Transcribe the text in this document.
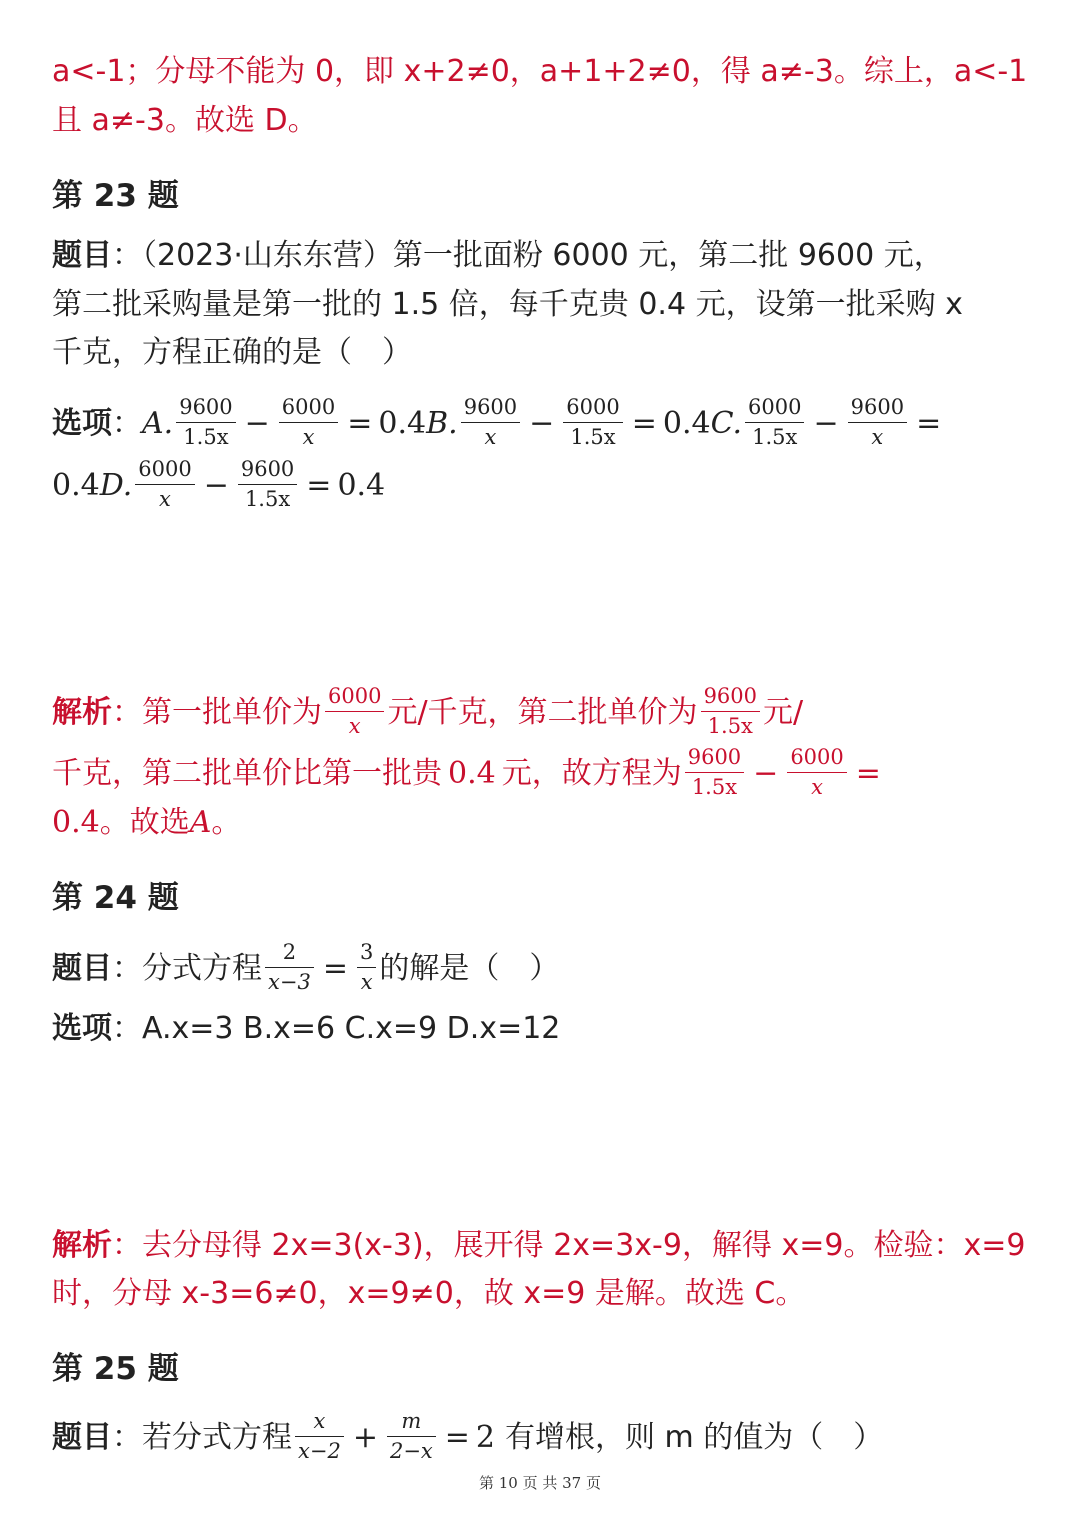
a<-1；分母不能为 0，即 x+2≠0，a+1+2≠0，得 a≠-3。综上，a<-1
且 a≠-3。故选 D。
第 23 题
题目：（2023·山东东营）第一批面粉 6000 元，第二批 9600 元，
第二批采购量是第一批的 1.5 倍，每千克贵 0.4 元，设第一批采购 x
千克，方程正确的是（　）
选项：A. $\frac{9600}{1.5x} - \frac{6000}{x} = 0.4B$. $\frac{9600}{x} - \frac{6000}{1.5x} = 0.4C$. $\frac{6000}{1.5x} - \frac{9600}{x}$ =
0.4D. $\frac{6000}{x} - \frac{9600}{1.5x} = 0.4$
解析：第一批单价为 $\frac{6000}{x}$ 元/千克，第二批单价为 $\frac{9600}{1.5x}$ 元/
千克，第二批单价比第一批贵 0.4 元，故方程为 $\frac{9600}{1.5x} - \frac{6000}{x}$ =
0.4。故选A。
第 24 题
题目：分式方程 $\frac{2}{x-3} = \frac{3}{x}$ 的解是（　）
选项：A.x=3 B.x=6 C.x=9 D.x=12
解析：去分母得 2x=3(x-3)，展开得 2x=3x-9，解得 x=9。检验：x=9
时，分母 x-3=6≠0，x=9≠0，故 x=9 是解。故选 C。
第 25 题
题目：若分式方程 $\frac{x}{x-2} + \frac{m}{2-x} = 2$ 有增根，则 m 的值为（　）
第 10 页 共 37 页
